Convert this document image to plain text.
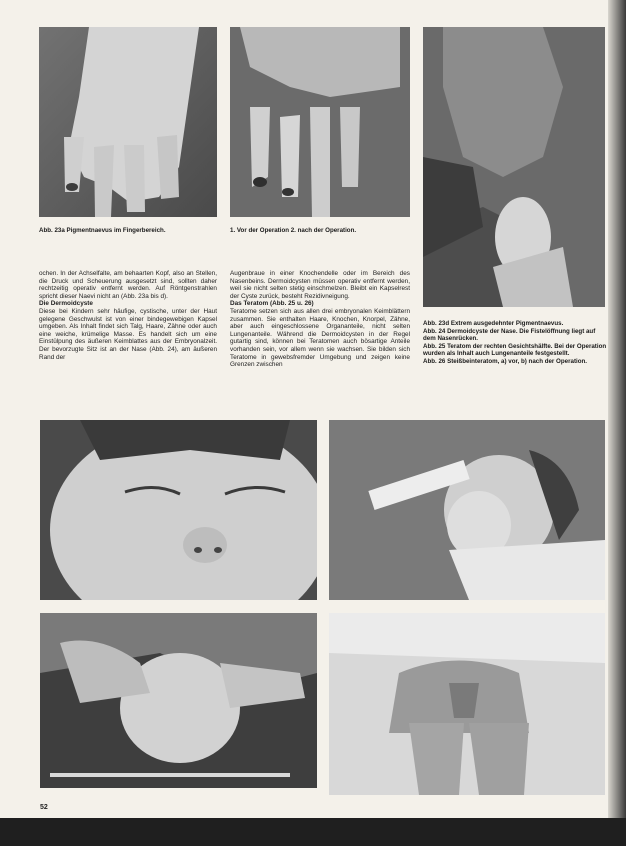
Abb. 23a Pigmentnaevus im Fingerbereich.	1. Vor der Operation 2. nach der Operation.

ochen. In der Achselfalte, am behaarten Kopf, also an Stellen, die Druck und Scheuerung ausgesetzt sind, sollten daher rechtzeitig operativ entfernt werden. Auf Röntgenstrahlen spricht dieser Naevi nicht an (Abb. 23a bis d).

Die Dermoidcyste

Diese bei Kindern sehr häufige, cystische, unter der Haut gelegene Geschwulst ist von einer bindegewebigen Kapsel umgeben. Als Inhalt findet sich Talg, Haare, Zähne oder auch eine weiche, krümelige Masse. Es handelt sich um eine Einstülpung des äußeren Keimblattes aus der Embryonalzeit. Der bevorzugte Sitz ist an der Nase (Abb. 24), am äußeren Rand der

Augenbraue in einer Knochendelle oder im Bereich des Nasenbeins. Dermoidcysten müssen operativ entfernt werden, weil sie nicht selten stetig einschmelzen. Bleibt ein Kapselrest der Cyste zurück, besteht Rezidivneigung.

Das Teratom (Abb. 25 u. 26)

Teratome setzen sich aus allen drei embryonalen Keimblättern zusammen. Sie enthalten Haare, Knochen, Knorpel, Zähne, aber auch eingeschlossene Organanteile, nicht selten Lungenanteile. Während die Dermoidcysten in der Regel gutartig sind, können bei Teratomen auch bösartige Anteile vorhanden sein, vor allem wenn sie wachsen. Sie bilden sich Teratome in gewebsfremder Umgebung und zeigen keine Grenzen zwischen

Abb. 23d Extrem ausgedehnter Pigmentnaevus.

Abb. 24 Dermoidcyste der Nase. Die Fistelöffnung liegt auf dem Nasenrücken.

Abb. 25 Teratom der rechten Gesichtshälfte. Bei der Operation wurden als Inhalt auch Lungenanteile festgestellt.

Abb. 26 Steißbeinteratom, a) vor, b) nach der Operation.

52
